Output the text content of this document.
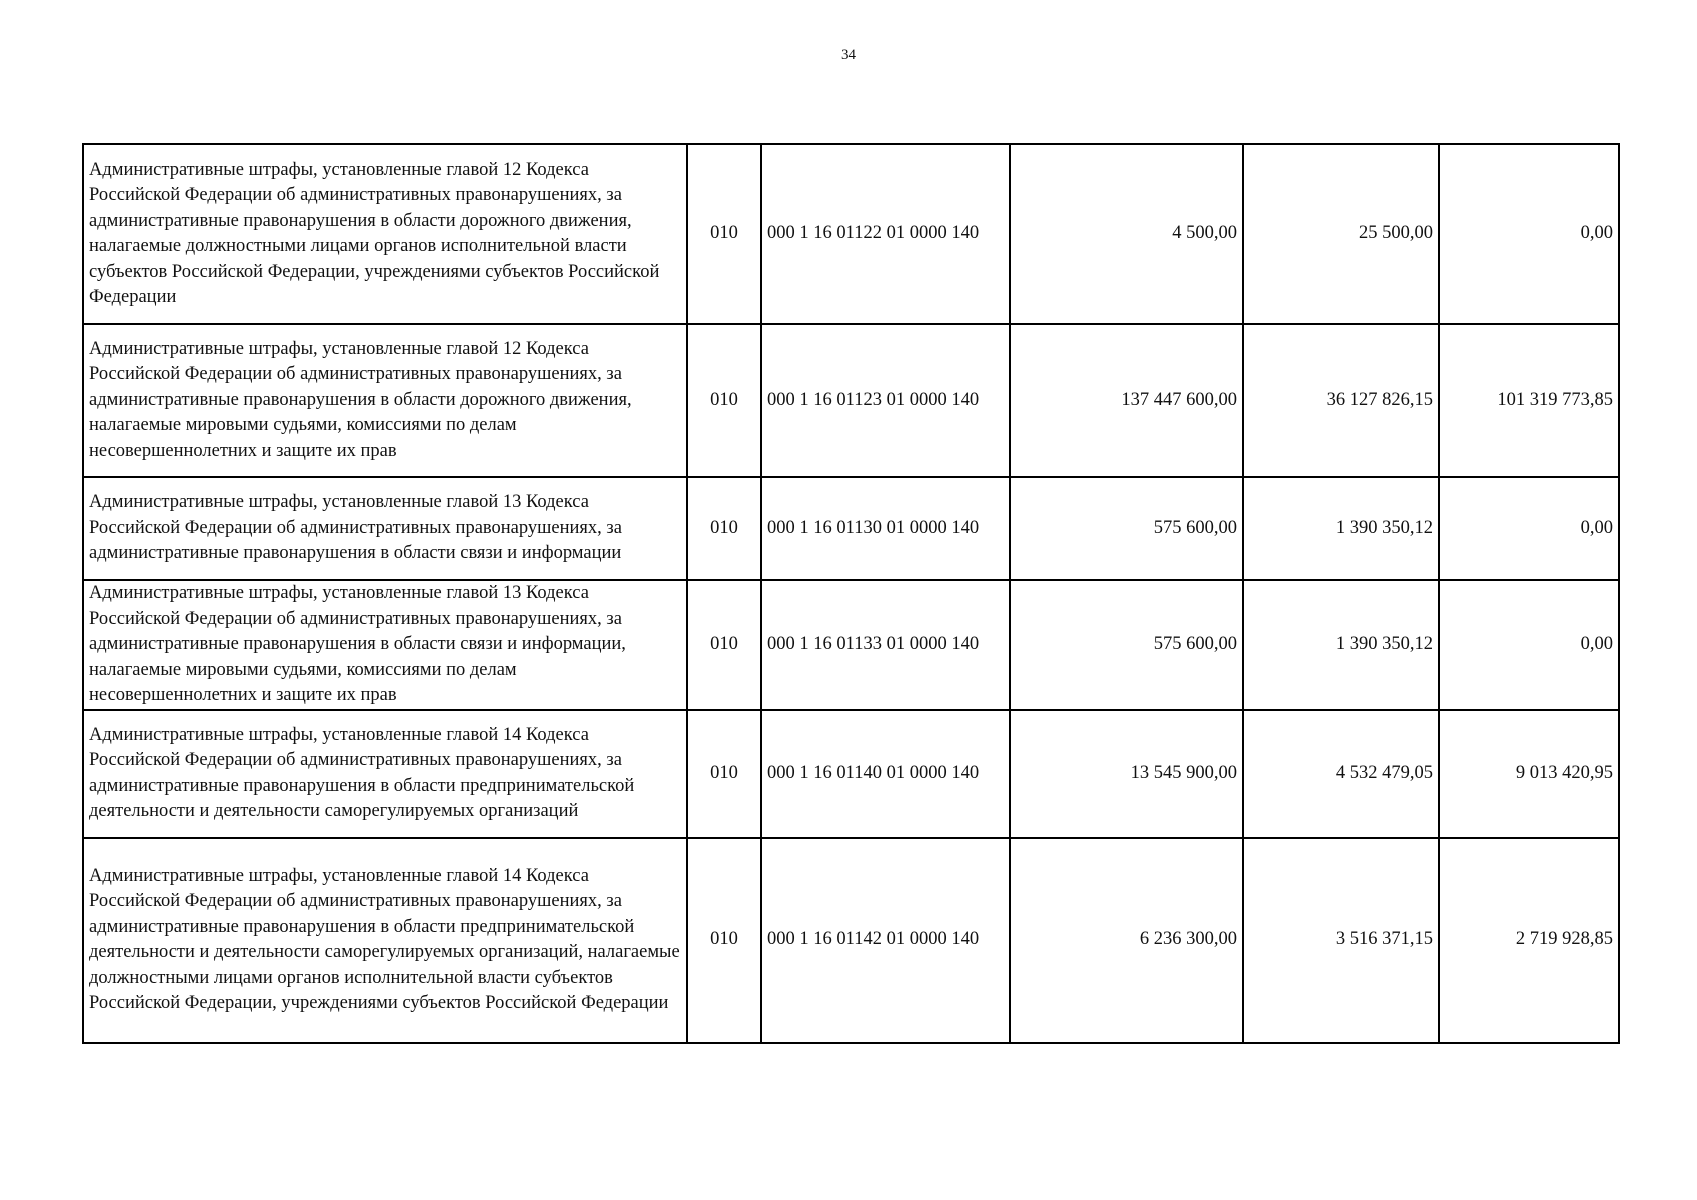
34
Административные штрафы, установленные главой 12 Кодекса Российской Федерации об административных правонарушениях, за административные правонарушения в области дорожного движения, налагаемые должностными лицами органов исполнительной власти субъектов Российской Федерации, учреждениями субъектов Российской Федерации	010	000 1 16 01122 01 0000 140	4 500,00	25 500,00	0,00
Административные штрафы, установленные главой 12 Кодекса Российской Федерации об административных правонарушениях, за административные правонарушения в области дорожного движения, налагаемые мировыми судьями, комиссиями по делам несовершеннолетних и защите их прав	010	000 1 16 01123 01 0000 140	137 447 600,00	36 127 826,15	101 319 773,85
Административные штрафы, установленные главой 13 Кодекса Российской Федерации об административных правонарушениях, за административные правонарушения в области связи и информации	010	000 1 16 01130 01 0000 140	575 600,00	1 390 350,12	0,00
Административные штрафы, установленные главой 13 Кодекса Российской Федерации об административных правонарушениях, за административные правонарушения в области связи и информации, налагаемые мировыми судьями, комиссиями по делам несовершеннолетних и защите их прав	010	000 1 16 01133 01 0000 140	575 600,00	1 390 350,12	0,00
Административные штрафы, установленные главой 14 Кодекса Российской Федерации об административных правонарушениях, за административные правонарушения в области предпринимательской деятельности и деятельности саморегулируемых организаций	010	000 1 16 01140 01 0000 140	13 545 900,00	4 532 479,05	9 013 420,95
Административные штрафы, установленные главой 14 Кодекса Российской Федерации об административных правонарушениях, за административные правонарушения в области предпринимательской деятельности и деятельности саморегулируемых организаций, налагаемые должностными лицами органов исполнительной власти субъектов Российской Федерации, учреждениями субъектов Российской Федерации	010	000 1 16 01142 01 0000 140	6 236 300,00	3 516 371,15	2 719 928,85
